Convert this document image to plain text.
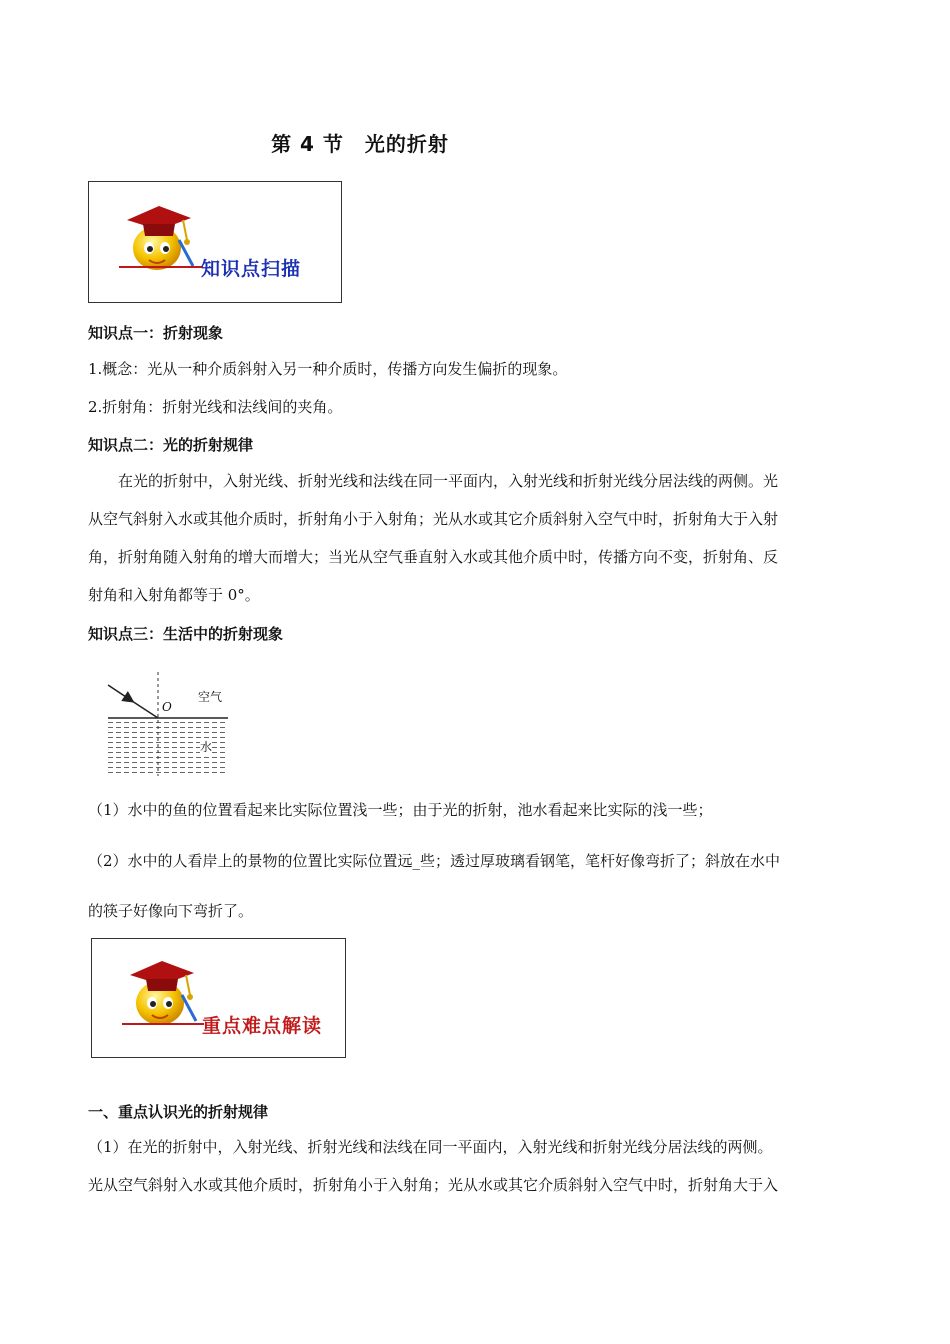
第 4 节　光的折射
知识点扫描
知识点一：折射现象
1.概念：光从一种介质斜射入另一种介质时，传播方向发生偏折的现象。
2.折射角：折射光线和法线间的夹角。
知识点二：光的折射规律
在光的折射中，入射光线、折射光线和法线在同一平面内，入射光线和折射光线分居法线的两侧。光
从空气斜射入水或其他介质时，折射角小于入射角；光从水或其它介质斜射入空气中时，折射角大于入射
角，折射角随入射角的增大而增大；当光从空气垂直射入水或其他介质中时，传播方向不变，折射角、反
射角和入射角都等于 0°。
知识点三：生活中的折射现象
O
空气
水
（1）水中的鱼的位置看起来比实际位置浅一些；由于光的折射，池水看起来比实际的浅一些；
（2）水中的人看岸上的景物的位置比实际位置远_些；透过厚玻璃看钢笔，笔杆好像弯折了；斜放在水中
的筷子好像向下弯折了。
重点难点解读
一、重点认识光的折射规律
（1）在光的折射中，入射光线、折射光线和法线在同一平面内，入射光线和折射光线分居法线的两侧。
光从空气斜射入水或其他介质时，折射角小于入射角；光从水或其它介质斜射入空气中时，折射角大于入
